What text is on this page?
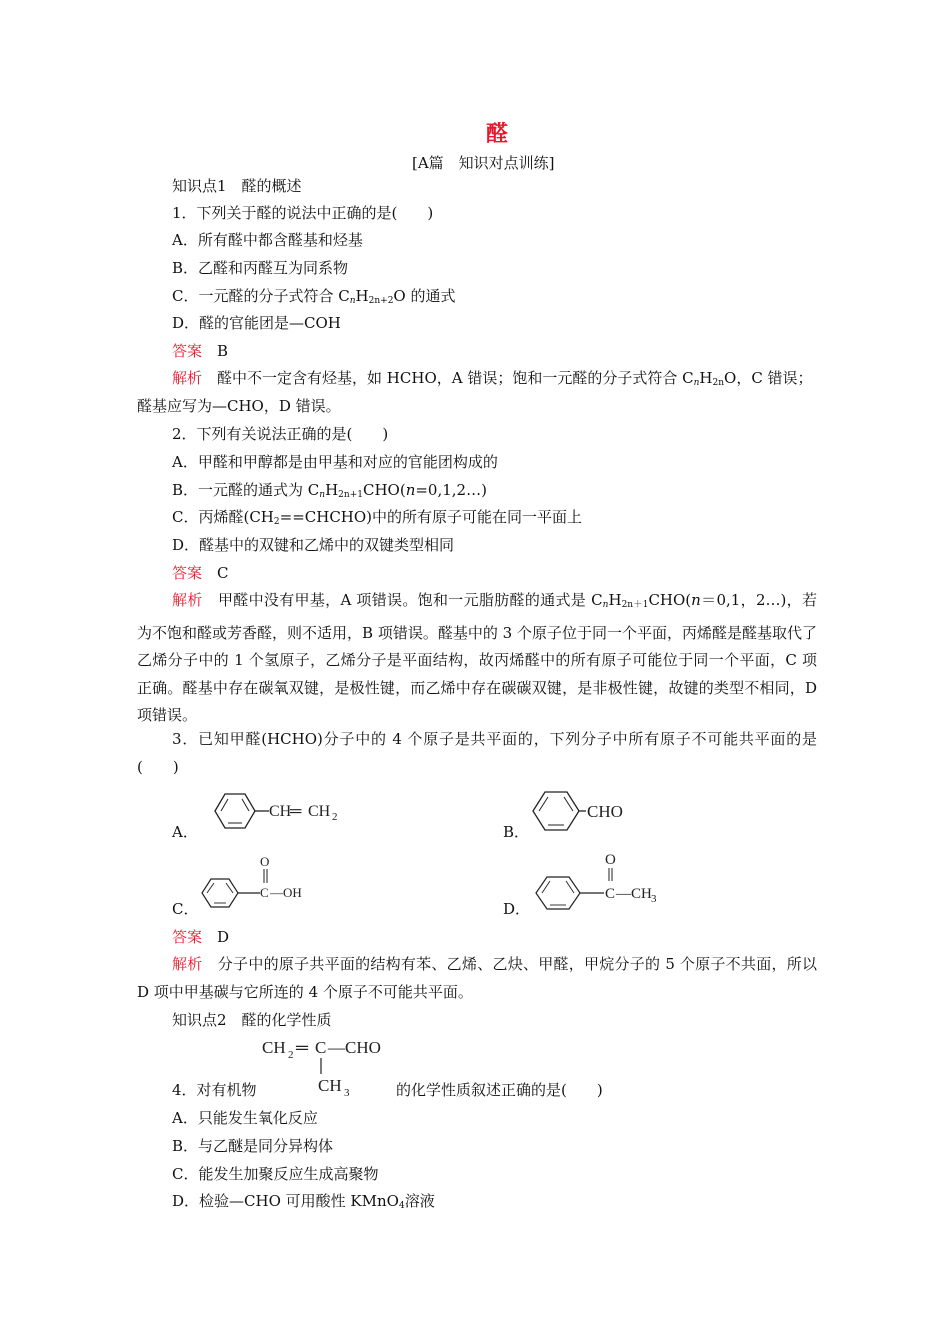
醛
[A篇　知识对点训练]
知识点1　醛的概述
1．下列关于醛的说法中正确的是(　　)
A．所有醛中都含醛基和烃基
B．乙醛和丙醛互为同系物
C．一元醛的分子式符合 $C_nH_{2n+2}O$ 的通式
D．醛的官能团是—COH
答案　 B
解析　 醛中不一定含有烃基，如 HCHO，A 错误；饱和一元醛的分子式符合 $C_nH_{2n}O$，C 错误；
醛基应写为—CHO，D 错误。
2．下列有关说法正确的是(　　)
A．甲醛和甲醇都是由甲基和对应的官能团构成的
B．一元醛的通式为 $C_nH_{2n+1}CHO(n=0,1,2\dots)$
C．丙烯醛$(CH_2==CHCHO)$中的所有原子可能在同一平面上
D．醛基中的双键和乙烯中的双键类型相同
答案　 C
解析　 甲醛中没有甲基，A 项错误。饱和一元脂肪醛的通式是 $C_nH_{2n+1}CHO(n=0,1$，2…)，若为不饱和醛或芳香醛，则不适用，B 项错误。醛基中的 3 个原子位于同一个平面，丙烯醛是醛基取代了乙烯分子中的 1 个氢原子，乙烯分子是平面结构，故丙烯醛中的所有原子可能位于同一个平面，C 项正确。醛基中存在碳氧双键，是极性键，而乙烯中存在碳碳双键，是非极性键，故键的类型不相同，D 项错误。
3．已知甲醛(HCHO)分子中的 4 个原子是共平面的，下列分子中所有原子不可能共平面的是(　　)
A．
CH
═ CH 2
B．
CHO
C．
O
C —OH
D．
O
C —CH 3
答案　 D
解析　 分子中的原子共平面的结构有苯、乙烯、乙炔、甲醛，甲烷分子的 5 个原子不共面，所以 D 项中甲基碳与它所连的 4 个原子不可能共平面。
知识点2　醛的化学性质
CH 2 ═ C —CHO
CH 3
4．对有机物	的化学性质叙述正确的是(　　)
A．只能发生氧化反应
B．与乙醚是同分异构体
C．能发生加聚反应生成高聚物
D．检验—CHO 可用酸性 KMnO$_4$溶液
